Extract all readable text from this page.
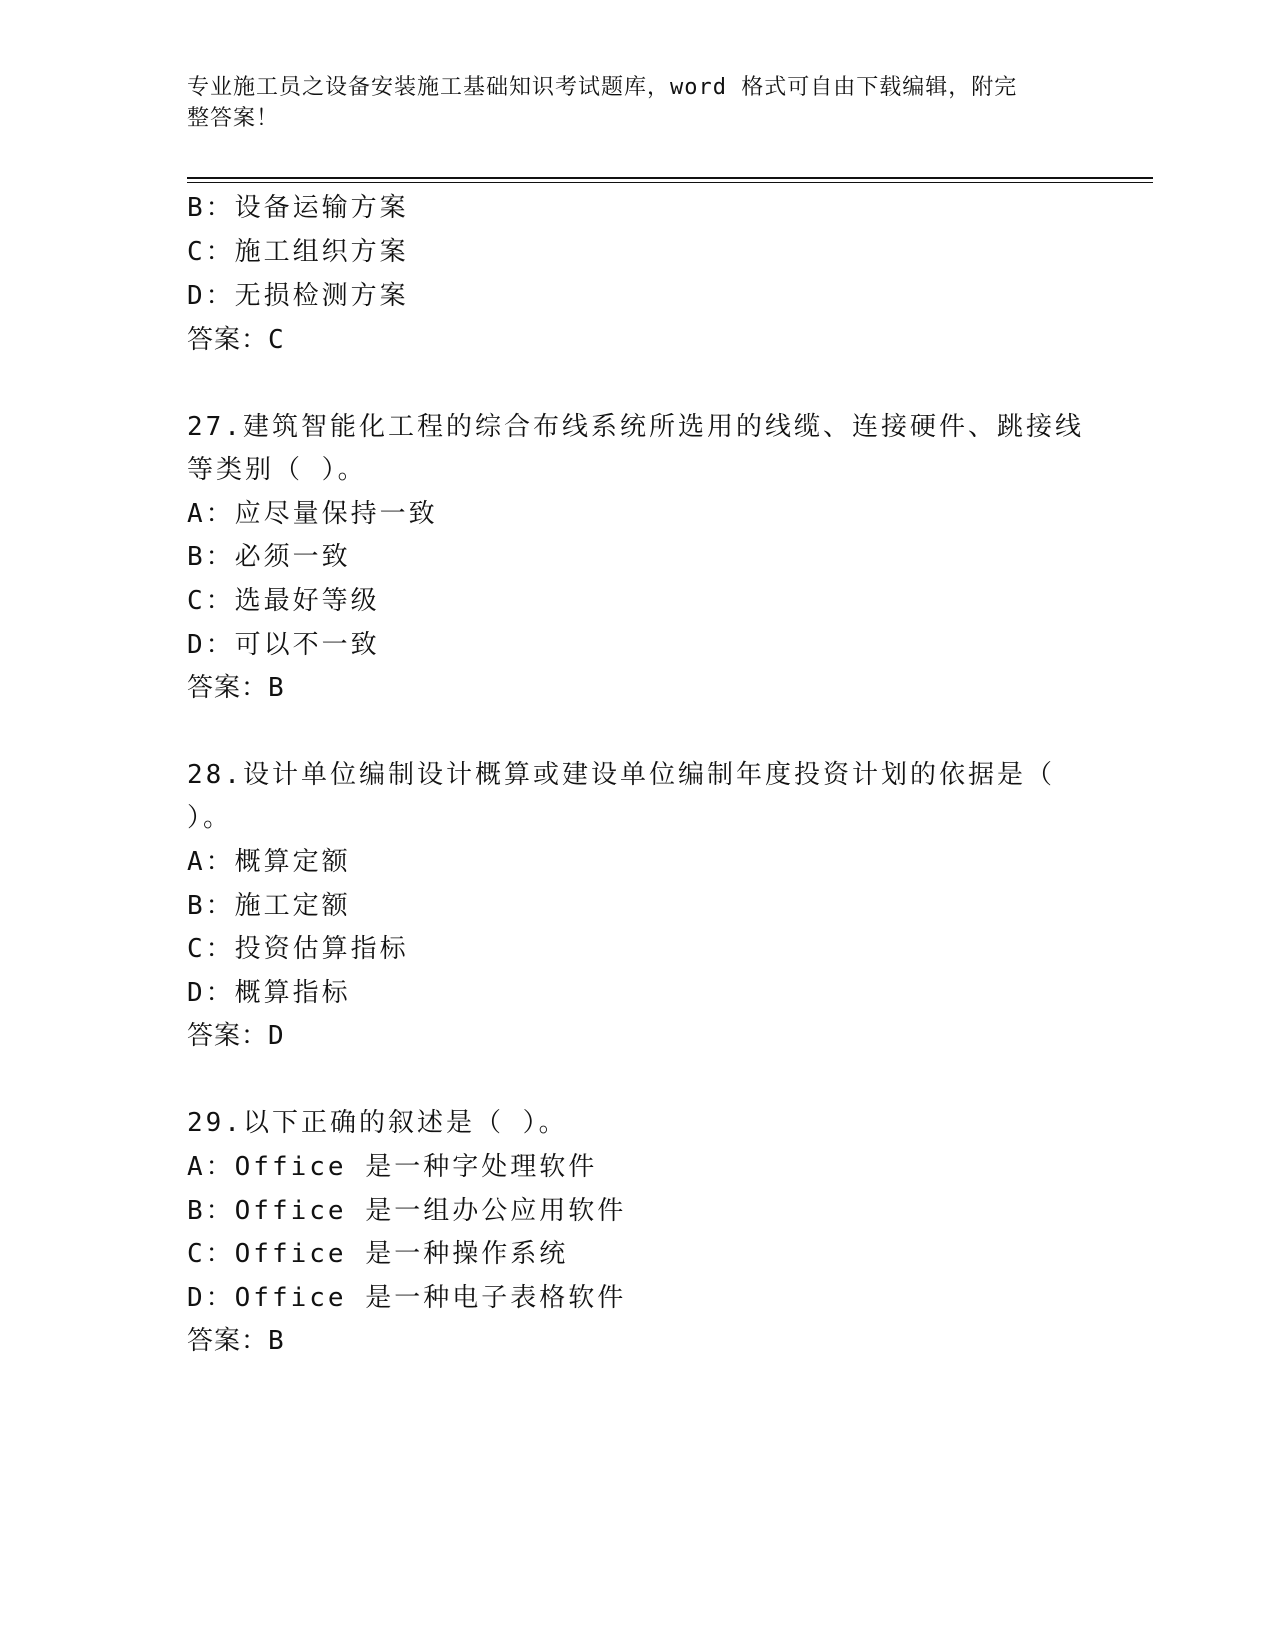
专业施工员之设备安装施工基础知识考试题库，word 格式可自由下载编辑，附完
整答案！
B：设备运输方案
C：施工组织方案
D：无损检测方案
答案：C
27.建筑智能化工程的综合布线系统所选用的线缆、连接硬件、跳接线
等类别（ ）。
A：应尽量保持一致
B：必须一致
C：选最好等级
D：可以不一致
答案：B
28.设计单位编制设计概算或建设单位编制年度投资计划的依据是（
）。
A：概算定额
B：施工定额
C：投资估算指标
D：概算指标
答案：D
29.以下正确的叙述是（ ）。
A：Office 是一种字处理软件
B：Office 是一组办公应用软件
C：Office 是一种操作系统
D：Office 是一种电子表格软件
答案：B
